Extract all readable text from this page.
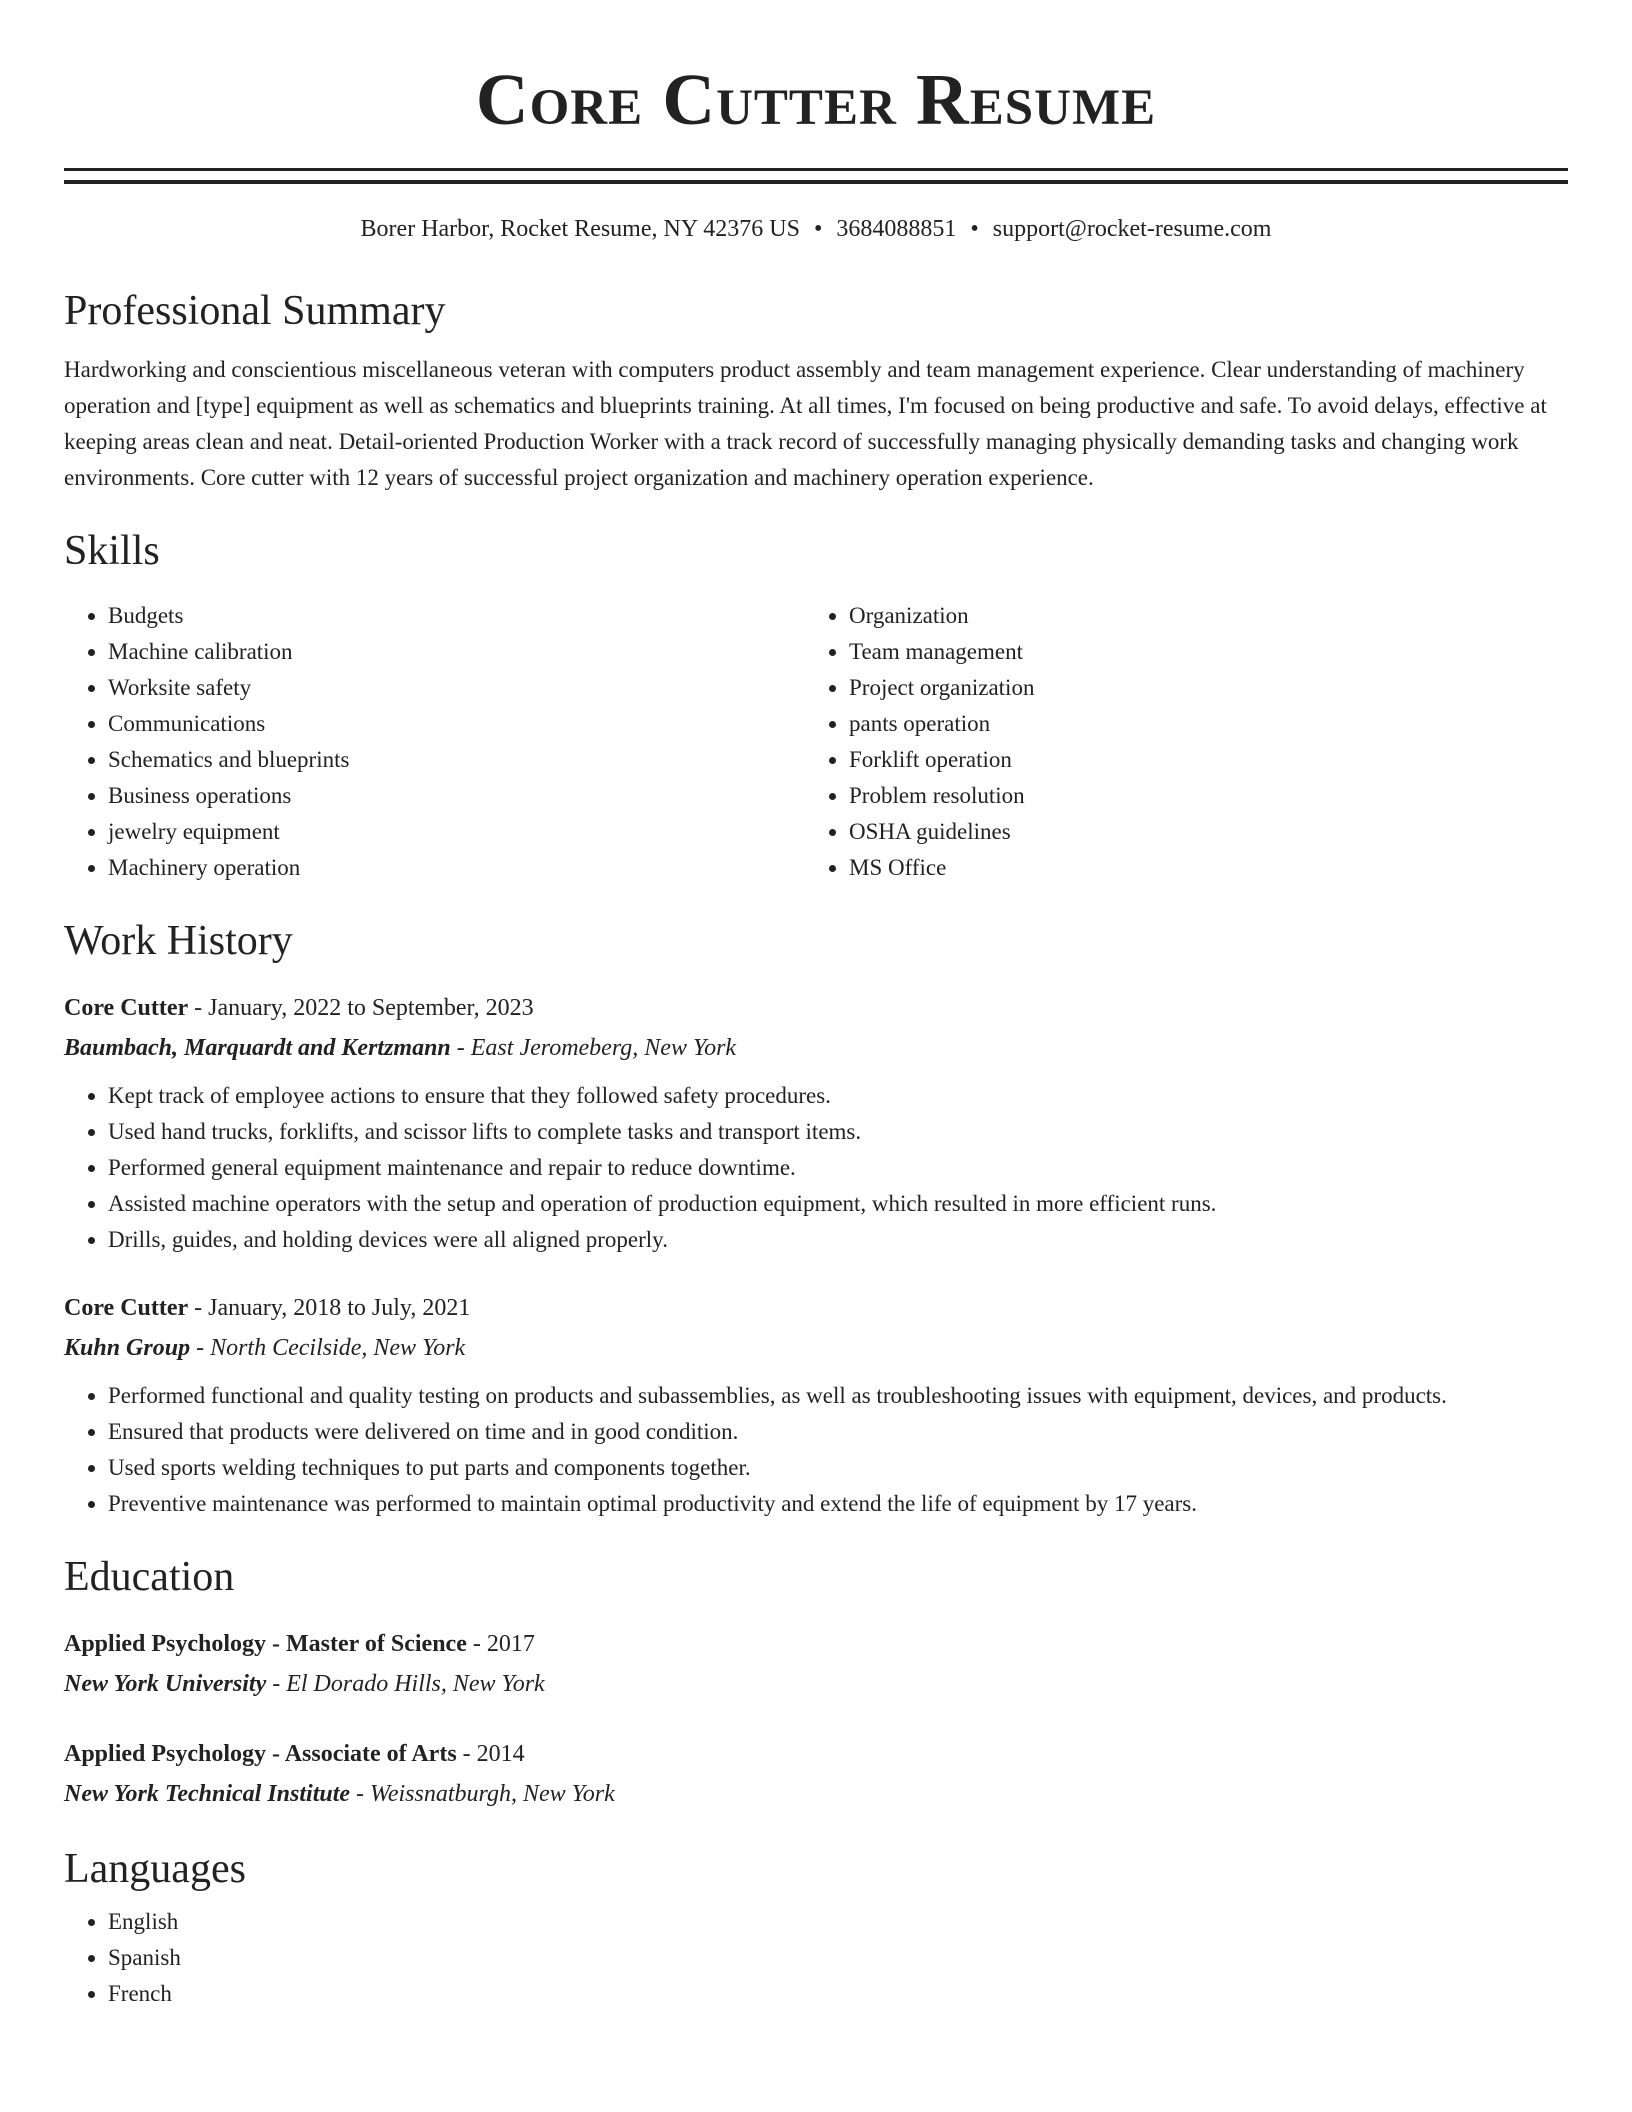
Core Cutter Resume
Borer Harbor, Rocket Resume, NY 42376 US • 3684088851 • support@rocket-resume.com
Professional Summary

Hardworking and conscientious miscellaneous veteran with computers product assembly and team management experience. Clear understanding of machinery operation and [type] equipment as well as schematics and blueprints training. At all times, I'm focused on being productive and safe. To avoid delays, effective at keeping areas clean and neat. Detail-oriented Production Worker with a track record of successfully managing physically demanding tasks and changing work environments. Core cutter with 12 years of successful project organization and machinery operation experience.

Skills
• Budgets
• Machine calibration
• Worksite safety
• Communications
• Schematics and blueprints
• Business operations
• jewelry equipment
• Machinery operation
• Organization
• Team management
• Project organization
• pants operation
• Forklift operation
• Problem resolution
• OSHA guidelines
• MS Office
Work History
Core Cutter - January, 2022 to September, 2023
Baumbach, Marquardt and Kertzmann - East Jeromeberg, New York
• Kept track of employee actions to ensure that they followed safety procedures.
• Used hand trucks, forklifts, and scissor lifts to complete tasks and transport items.
• Performed general equipment maintenance and repair to reduce downtime.
• Assisted machine operators with the setup and operation of production equipment, which resulted in more efficient runs.
• Drills, guides, and holding devices were all aligned properly.
Core Cutter - January, 2018 to July, 2021
Kuhn Group - North Cecilside, New York
• Performed functional and quality testing on products and subassemblies, as well as troubleshooting issues with equipment, devices, and products.
• Ensured that products were delivered on time and in good condition.
• Used sports welding techniques to put parts and components together.
• Preventive maintenance was performed to maintain optimal productivity and extend the life of equipment by 17 years.
Education
Applied Psychology - Master of Science - 2017
New York University - El Dorado Hills, New York
Applied Psychology - Associate of Arts - 2014
New York Technical Institute - Weissnatburgh, New York
Languages
• English
• Spanish
• French
